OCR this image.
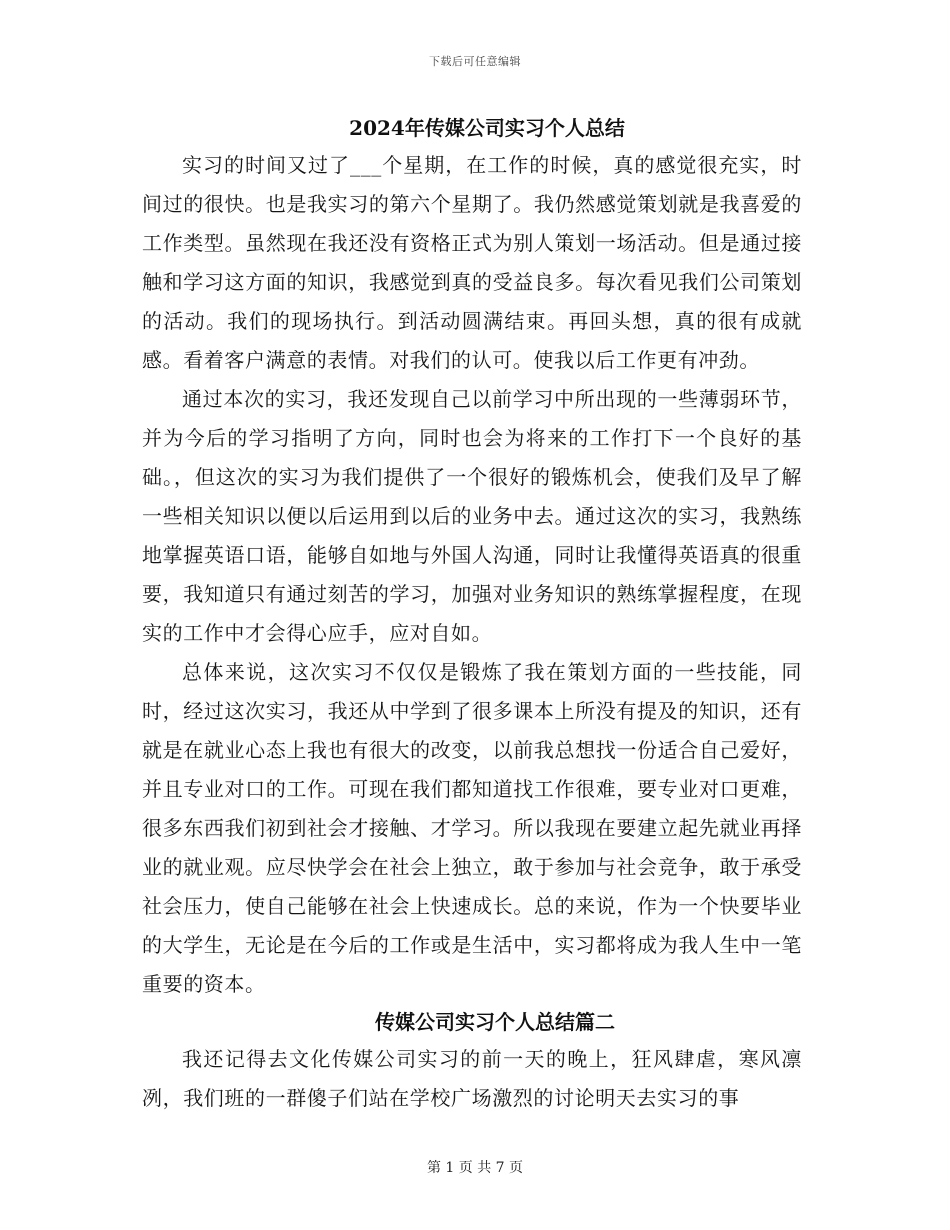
下载后可任意编辑
2024年传媒公司实习个人总结

实习的时间又过了___个星期，在工作的时候，真的感觉很充实，时间过的很快。也是我实习的第六个星期了。我仍然感觉策划就是我喜爱的工作类型。虽然现在我还没有资格正式为别人策划一场活动。但是通过接触和学习这方面的知识，我感觉到真的受益良多。每次看见我们公司策划的活动。我们的现场执行。到活动圆满结束。再回头想，真的很有成就感。看着客户满意的表情。对我们的认可。使我以后工作更有冲劲。

通过本次的实习，我还发现自己以前学习中所出现的一些薄弱环节，并为今后的学习指明了方向，同时也会为将来的工作打下一个良好的基础。，但这次的实习为我们提供了一个很好的锻炼机会，使我们及早了解一些相关知识以便以后运用到以后的业务中去。通过这次的实习，我熟练地掌握英语口语，能够自如地与外国人沟通，同时让我懂得英语真的很重要，我知道只有通过刻苦的学习，加强对业务知识的熟练掌握程度，在现实的工作中才会得心应手，应对自如。

总体来说，这次实习不仅仅是锻炼了我在策划方面的一些技能，同时，经过这次实习，我还从中学到了很多课本上所没有提及的知识，还有就是在就业心态上我也有很大的改变，以前我总想找一份适合自己爱好，并且专业对口的工作。可现在我们都知道找工作很难，要专业对口更难，很多东西我们初到社会才接触、才学习。所以我现在要建立起先就业再择业的就业观。应尽快学会在社会上独立，敢于参加与社会竞争，敢于承受社会压力，使自己能够在社会上快速成长。总的来说，作为一个快要毕业的大学生，无论是在今后的工作或是生活中，实习都将成为我人生中一笔重要的资本。

传媒公司实习个人总结篇二

我还记得去文化传媒公司实习的前一天的晚上，狂风肆虐，寒风凛冽，我们班的一群傻子们站在学校广场激烈的讨论明天去实习的事

第 1 页 共 7 页
